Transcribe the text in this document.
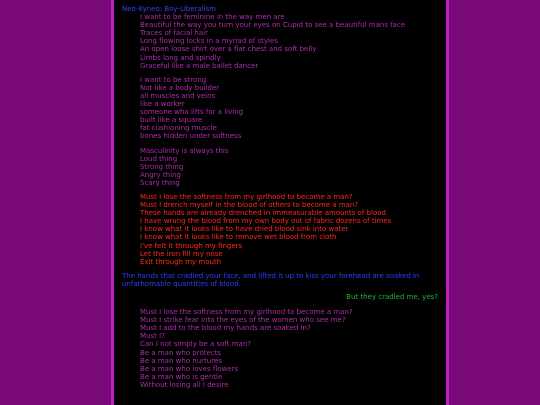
Neo-Kyneo: Boy-Liberalism
I want to be feminine in the way men are
Beautiful the way you turn your eyes on Cupid to see a beautiful mans face
Traces of facial hair
Long flowing locks in a myriad of styles
An open loose shirt over a flat chest and soft belly
Limbs long and spindly
Graceful like a male ballet dancer
I want to be strong
Not like a body builder
all muscles and veins
like a worker
someone who lifts for a living
built like a square
fat cushioning muscle
bones hidden under softness
Masculinity is always this
Loud thing
Strong thing
Angry thing
Scary thing
Must I lose the softness from my girlhood to become a man?
Must I drench myself in the blood of others to become a man?
These hands are already drenched in immeasurable amounts of blood
I have wrung the blood from my own body out of fabric dozens of times
I know what it looks like to have dried blood sink into water
I know what it looks like to remove wet blood from cloth
I've felt it through my fingers
Let the iron fill my nose
Exit through my mouth
The hands that cradled your face, and lifted it up to kiss your forehead are soaked in unfathomable quantities of blood.
But they cradled me, yes?
Must I lose the softness from my girlhood to become a man?
Must I strike fear into the eyes of the women who see me?
Must I add to the blood my hands are soaked in?
Must I?
Can I not simply be a soft man?
Be a man who protects
Be a man who nurtures
Be a man who loves flowers
Be a man who is gentle
Without losing all I desire
